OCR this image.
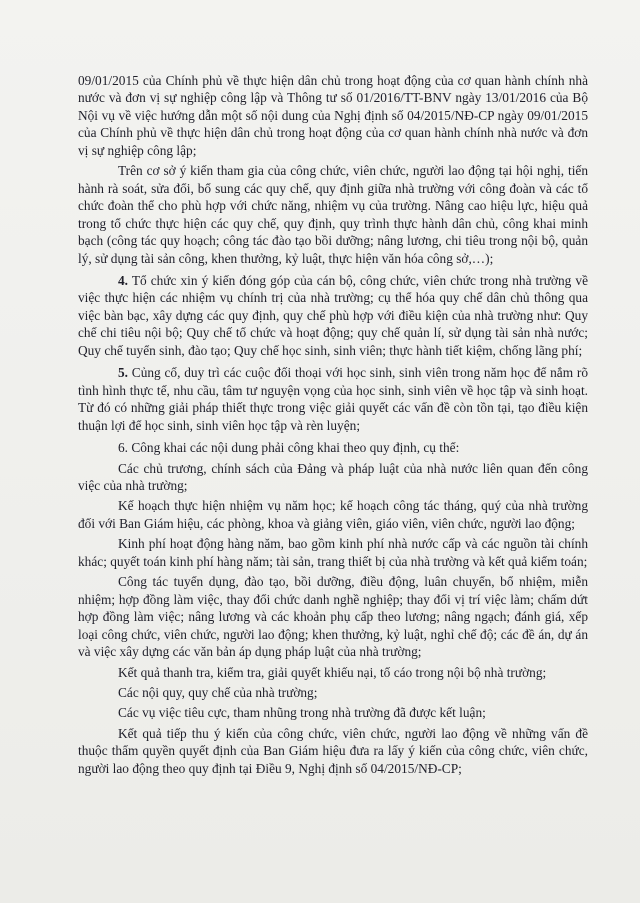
09/01/2015 của Chính phủ về thực hiện dân chủ trong hoạt động của cơ quan hành chính nhà nước và đơn vị sự nghiệp công lập và Thông tư số 01/2016/TT-BNV ngày 13/01/2016 của Bộ Nội vụ về việc hướng dẫn một số nội dung của Nghị định số 04/2015/NĐ-CP ngày 09/01/2015 của Chính phủ về thực hiện dân chủ trong hoạt động của cơ quan hành chính nhà nước và đơn vị sự nghiệp công lập;

Trên cơ sở ý kiến tham gia của công chức, viên chức, người lao động tại hội nghị, tiến hành rà soát, sửa đổi, bổ sung các quy chế, quy định giữa nhà trường với công đoàn và các tổ chức đoàn thể cho phù hợp với chức năng, nhiệm vụ của trường. Nâng cao hiệu lực, hiệu quả trong tổ chức thực hiện các quy chế, quy định, quy trình thực hành dân chủ, công khai minh bạch (công tác quy hoạch; công tác đào tạo bồi dưỡng; nâng lương, chi tiêu trong nội bộ, quản lý, sử dụng tài sản công, khen thưởng, kỷ luật, thực hiện văn hóa công sở,…);

4. Tổ chức xin ý kiến đóng góp của cán bộ, công chức, viên chức trong nhà trường về việc thực hiện các nhiệm vụ chính trị của nhà trường; cụ thể hóa quy chế dân chủ thông qua việc bàn bạc, xây dựng các quy định, quy chế phù hợp với điều kiện của nhà trường như: Quy chế chi tiêu nội bộ; Quy chế tổ chức và hoạt động; quy chế quản lí, sử dụng tài sản nhà nước; Quy chế tuyển sinh, đào tạo; Quy chế học sinh, sinh viên; thực hành tiết kiệm, chống lãng phí;

5. Củng cố, duy trì các cuộc đối thoại với học sinh, sinh viên trong năm học để nắm rõ tình hình thực tế, nhu cầu, tâm tư nguyện vọng của học sinh, sinh viên về học tập và sinh hoạt. Từ đó có những giải pháp thiết thực trong việc giải quyết các vấn đề còn tồn tại, tạo điều kiện thuận lợi để học sinh, sinh viên học tập và rèn luyện;

6. Công khai các nội dung phải công khai theo quy định, cụ thể:

Các chủ trương, chính sách của Đảng và pháp luật của nhà nước liên quan đến công việc của nhà trường;

Kế hoạch thực hiện nhiệm vụ năm học; kế hoạch công tác tháng, quý của nhà trường đối với Ban Giám hiệu, các phòng, khoa và giảng viên, giáo viên, viên chức, người lao động;

Kinh phí hoạt động hàng năm, bao gồm kinh phí nhà nước cấp và các nguồn tài chính khác; quyết toán kinh phí hàng năm; tài sản, trang thiết bị của nhà trường và kết quả kiểm toán;

Công tác tuyển dụng, đào tạo, bồi dưỡng, điều động, luân chuyển, bổ nhiệm, miễn nhiệm; hợp đồng làm việc, thay đổi chức danh nghề nghiệp; thay đổi vị trí việc làm; chấm dứt hợp đồng làm việc; nâng lương và các khoản phụ cấp theo lương; nâng ngạch; đánh giá, xếp loại công chức, viên chức, người lao động; khen thưởng, kỷ luật, nghỉ chế độ; các đề án, dự án và việc xây dựng các văn bản áp dụng pháp luật của nhà trường;

Kết quả thanh tra, kiểm tra, giải quyết khiếu nại, tố cáo trong nội bộ nhà trường;

Các nội quy, quy chế của nhà trường;

Các vụ việc tiêu cực, tham nhũng trong nhà trường đã được kết luận;

Kết quả tiếp thu ý kiến của công chức, viên chức, người lao động về những vấn đề thuộc thẩm quyền quyết định của Ban Giám hiệu đưa ra lấy ý kiến của công chức, viên chức, người lao động theo quy định tại Điều 9, Nghị định số 04/2015/NĐ-CP;
